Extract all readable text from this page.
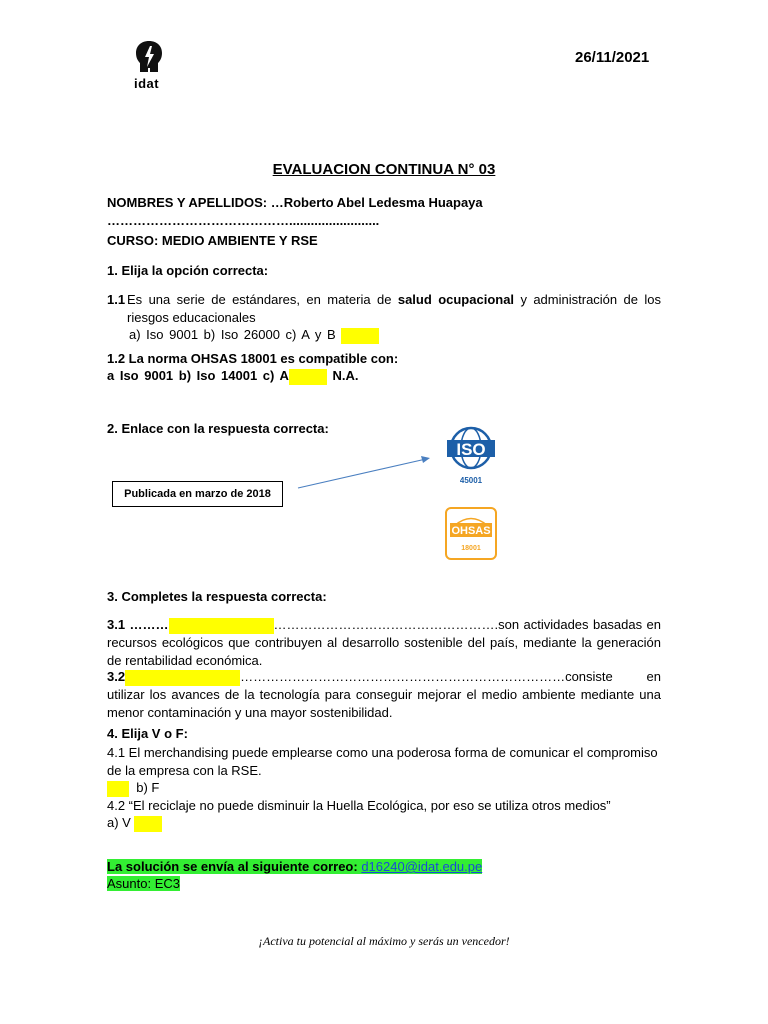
idat
26/11/2021
EVALUACION CONTINUA N° 03
NOMBRES Y APELLIDOS: …Roberto Abel Ledesma Huapaya
…………………………………….........................
CURSO: MEDIO AMBIENTE Y RSE
1. Elija la opción correcta:
1.1 Es una serie de estándares, en materia de salud ocupacional y administración de los riesgos educacionales
a) Iso 9001 b) Iso 26000 c) A y B
1.2 La norma OHSAS 18001 es compatible con:
a Iso 9001 b) Iso 14001 c) A	N.A.
2. Enlace con la respuesta correcta:
Publicada en marzo de 2018
ISO
45001
OHSAS
18001
3. Completes la respuesta correcta:
3.1 ………	…………………………………………….son actividades basadas en recursos ecológicos que contribuyen al desarrollo sostenible del país, mediante la generación de rentabilidad económica.
3.2	…………………………………………………………………consiste en utilizar los avances de la tecnología para conseguir mejorar el medio ambiente mediante una menor contaminación y una mayor sostenibilidad.
4. Elija V o F:
4.1 El merchandising puede emplearse como una poderosa forma de comunicar el compromiso de la empresa con la RSE.
b) F
4.2 “El reciclaje no puede disminuir la Huella Ecológica, por eso se utiliza otros medios”
a) V
La solución se envía al siguiente correo: d16240@idat.edu.pe
Asunto: EC3
¡Activa tu potencial al máximo y serás un vencedor!
